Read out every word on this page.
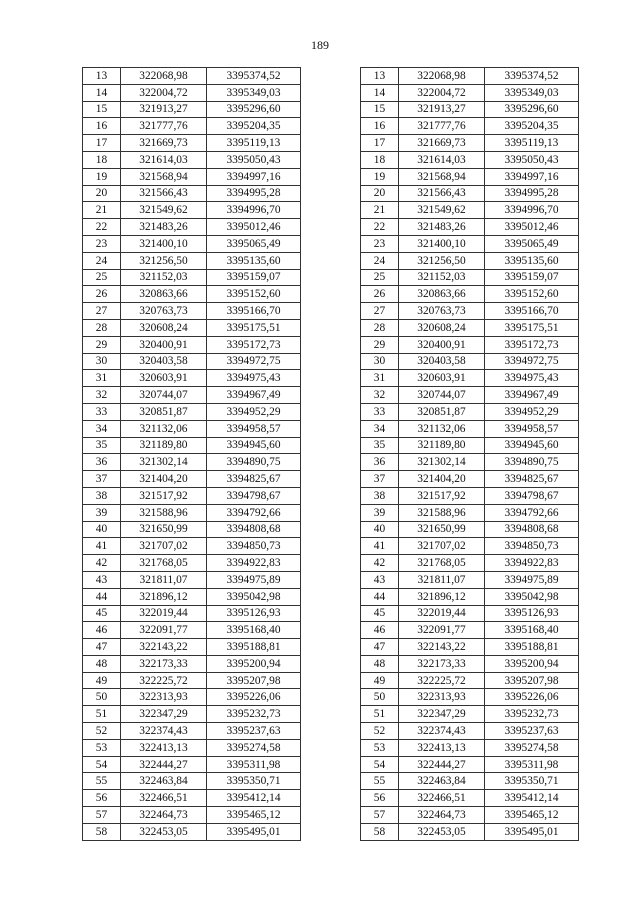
189
13	322068,98	3395374,52
14	322004,72	3395349,03
15	321913,27	3395296,60
16	321777,76	3395204,35
17	321669,73	3395119,13
18	321614,03	3395050,43
19	321568,94	3394997,16
20	321566,43	3394995,28
21	321549,62	3394996,70
22	321483,26	3395012,46
23	321400,10	3395065,49
24	321256,50	3395135,60
25	321152,03	3395159,07
26	320863,66	3395152,60
27	320763,73	3395166,70
28	320608,24	3395175,51
29	320400,91	3395172,73
30	320403,58	3394972,75
31	320603,91	3394975,43
32	320744,07	3394967,49
33	320851,87	3394952,29
34	321132,06	3394958,57
35	321189,80	3394945,60
36	321302,14	3394890,75
37	321404,20	3394825,67
38	321517,92	3394798,67
39	321588,96	3394792,66
40	321650,99	3394808,68
41	321707,02	3394850,73
42	321768,05	3394922,83
43	321811,07	3394975,89
44	321896,12	3395042,98
45	322019,44	3395126,93
46	322091,77	3395168,40
47	322143,22	3395188,81
48	322173,33	3395200,94
49	322225,72	3395207,98
50	322313,93	3395226,06
51	322347,29	3395232,73
52	322374,43	3395237,63
53	322413,13	3395274,58
54	322444,27	3395311,98
55	322463,84	3395350,71
56	322466,51	3395412,14
57	322464,73	3395465,12
58	322453,05	3395495,01
13	322068,98	3395374,52
14	322004,72	3395349,03
15	321913,27	3395296,60
16	321777,76	3395204,35
17	321669,73	3395119,13
18	321614,03	3395050,43
19	321568,94	3394997,16
20	321566,43	3394995,28
21	321549,62	3394996,70
22	321483,26	3395012,46
23	321400,10	3395065,49
24	321256,50	3395135,60
25	321152,03	3395159,07
26	320863,66	3395152,60
27	320763,73	3395166,70
28	320608,24	3395175,51
29	320400,91	3395172,73
30	320403,58	3394972,75
31	320603,91	3394975,43
32	320744,07	3394967,49
33	320851,87	3394952,29
34	321132,06	3394958,57
35	321189,80	3394945,60
36	321302,14	3394890,75
37	321404,20	3394825,67
38	321517,92	3394798,67
39	321588,96	3394792,66
40	321650,99	3394808,68
41	321707,02	3394850,73
42	321768,05	3394922,83
43	321811,07	3394975,89
44	321896,12	3395042,98
45	322019,44	3395126,93
46	322091,77	3395168,40
47	322143,22	3395188,81
48	322173,33	3395200,94
49	322225,72	3395207,98
50	322313,93	3395226,06
51	322347,29	3395232,73
52	322374,43	3395237,63
53	322413,13	3395274,58
54	322444,27	3395311,98
55	322463,84	3395350,71
56	322466,51	3395412,14
57	322464,73	3395465,12
58	322453,05	3395495,01
